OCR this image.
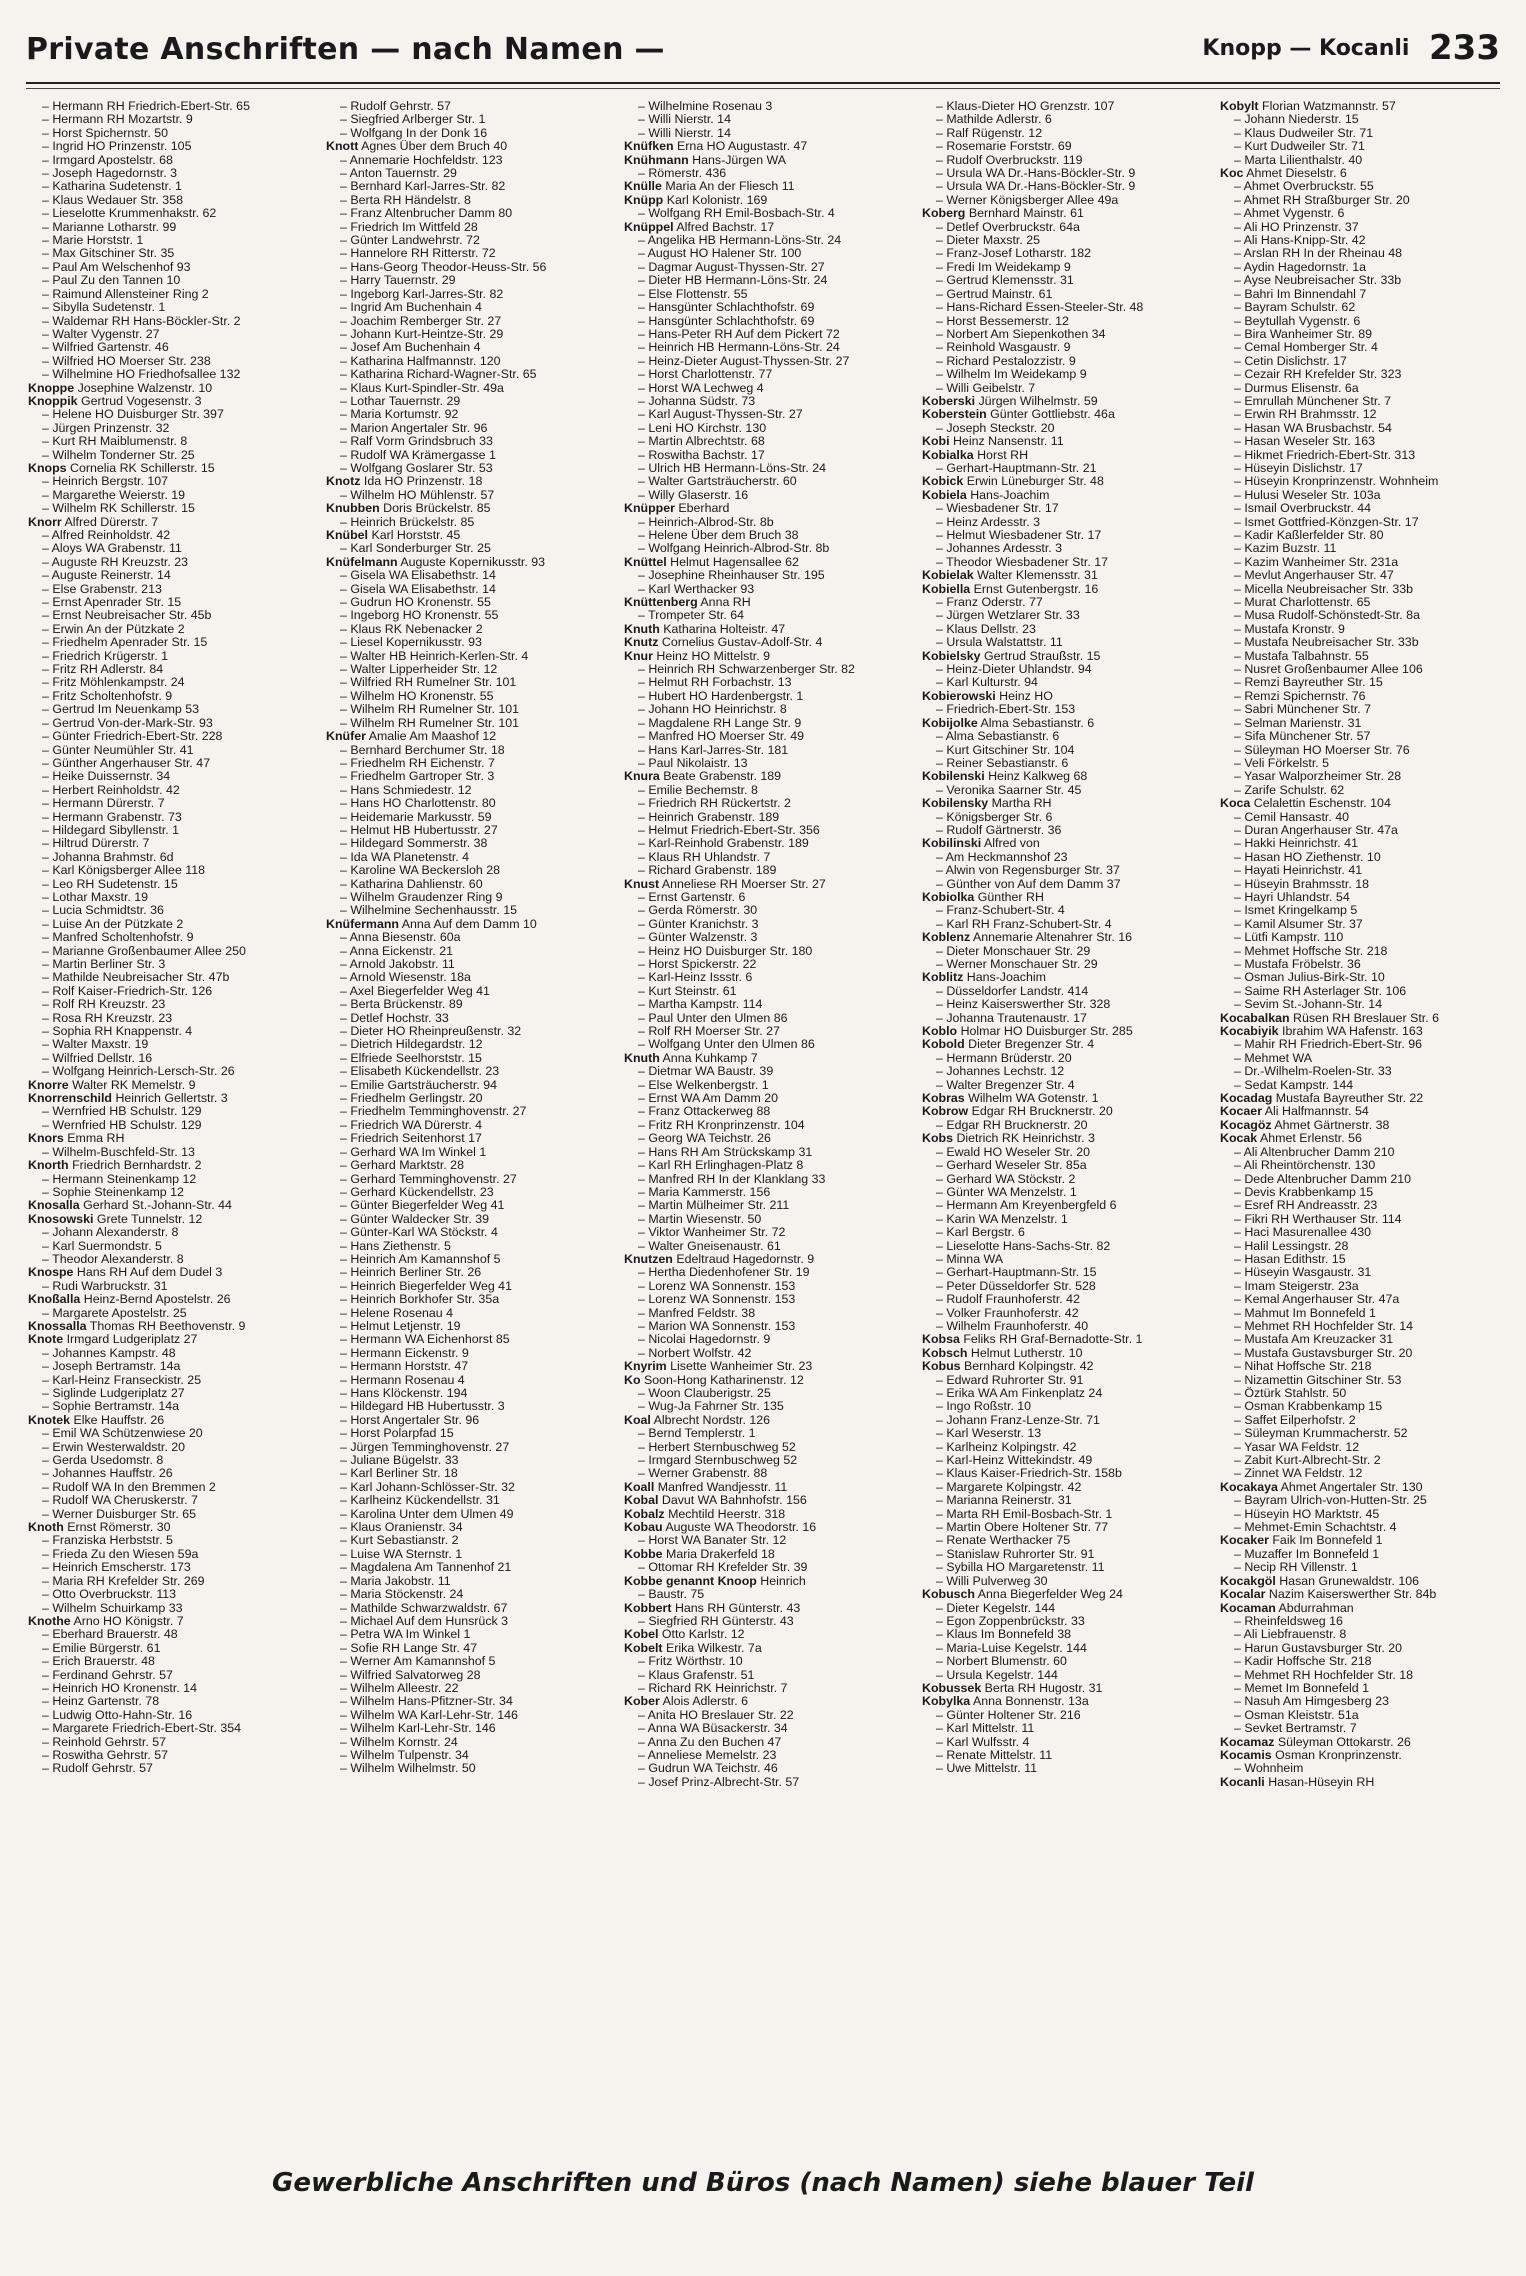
Private Anschriften — nach Namen —	Knopp — Kocanli 233
– Hermann RH Friedrich-Ebert-Str. 65
– Hermann RH Mozartstr. 9
– Horst Spichernstr. 50
– Ingrid HO Prinzenstr. 105
– Irmgard Apostelstr. 68
– Joseph Hagedornstr. 3
– Katharina Sudetenstr. 1
– Klaus Wedauer Str. 358
– Lieselotte Krummenhakstr. 62
– Marianne Lotharstr. 99
– Marie Horststr. 1
– Max Gitschiner Str. 35
– Paul Am Welschenhof 93
– Paul Zu den Tannen 10
– Raimund Allensteiner Ring 2
– Sibylla Sudetenstr. 1
– Waldemar RH Hans-Böckler-Str. 2
– Walter Vygenstr. 27
– Wilfried Gartenstr. 46
– Wilfried HO Moerser Str. 238
– Wilhelmine HO Friedhofsallee 132
Knoppe Josephine Walzenstr. 10
Knoppik Gertrud Vogesenstr. 3
– Helene HO Duisburger Str. 397
– Jürgen Prinzenstr. 32
– Kurt RH Maiblumenstr. 8
– Wilhelm Tonderner Str. 25
Knops Cornelia RK Schillerstr. 15
– Heinrich Bergstr. 107
– Margarethe Weierstr. 19
– Wilhelm RK Schillerstr. 15
Knorr Alfred Dürerstr. 7
– Alfred Reinholdstr. 42
– Aloys WA Grabenstr. 11
– Auguste RH Kreuzstr. 23
– Auguste Reinerstr. 14
– Else Grabenstr. 213
– Ernst Apenrader Str. 15
– Ernst Neubreisacher Str. 45b
– Erwin An der Pützkate 2
– Friedhelm Apenrader Str. 15
– Friedrich Krügerstr. 1
– Fritz RH Adlerstr. 84
– Fritz Möhlenkampstr. 24
– Fritz Scholtenhofstr. 9
– Gertrud Im Neuenkamp 53
– Gertrud Von-der-Mark-Str. 93
– Günter Friedrich-Ebert-Str. 228
– Günter Neumühler Str. 41
– Günther Angerhauser Str. 47
– Heike Duissernstr. 34
– Herbert Reinholdstr. 42
– Hermann Dürerstr. 7
– Hermann Grabenstr. 73
– Hildegard Sibyllenstr. 1
– Hiltrud Dürerstr. 7
– Johanna Brahmstr. 6d
– Karl Königsberger Allee 118
– Leo RH Sudetenstr. 15
– Lothar Maxstr. 19
– Lucia Schmidtstr. 36
– Luise An der Pützkate 2
– Manfred Scholtenhofstr. 9
– Marianne Großenbaumer Allee 250
– Martin Berliner Str. 3
– Mathilde Neubreisacher Str. 47b
– Rolf Kaiser-Friedrich-Str. 126
– Rolf RH Kreuzstr. 23
– Rosa RH Kreuzstr. 23
– Sophia RH Knappenstr. 4
– Walter Maxstr. 19
– Wilfried Dellstr. 16
– Wolfgang Heinrich-Lersch-Str. 26
Knorre Walter RK Memelstr. 9
Knorrenschild Heinrich Gellertstr. 3
– Wernfried HB Schulstr. 129
– Wernfried HB Schulstr. 129
Knors Emma RH
– Wilhelm-Buschfeld-Str. 13
Knorth Friedrich Bernhardstr. 2
– Hermann Steinenkamp 12
– Sophie Steinenkamp 12
Knosalla Gerhard St.-Johann-Str. 44
Knosowski Grete Tunnelstr. 12
– Johann Alexanderstr. 8
– Karl Suermondstr. 5
– Theodor Alexanderstr. 8
Knospe Hans RH Auf dem Dudel 3
– Rudi Warbruckstr. 31
Knoßalla Heinz-Bernd Apostelstr. 26
– Margarete Apostelstr. 25
Knossalla Thomas RH Beethovenstr. 9
Knote Irmgard Ludgeriplatz 27
– Johannes Kampstr. 48
– Joseph Bertramstr. 14a
– Karl-Heinz Franseckistr. 25
– Siglinde Ludgeriplatz 27
– Sophie Bertramstr. 14a
Knotek Elke Hauffstr. 26
– Emil WA Schützenwiese 20
– Erwin Westerwaldstr. 20
– Gerda Usedomstr. 8
– Johannes Hauffstr. 26
– Rudolf WA In den Bremmen 2
– Rudolf WA Cheruskerstr. 7
– Werner Duisburger Str. 65
Knoth Ernst Römerstr. 30
– Franziska Herbststr. 5
– Frieda Zu den Wiesen 59a
– Heinrich Emscherstr. 173
– Maria RH Krefelder Str. 269
– Otto Overbruckstr. 113
– Wilhelm Schuirkamp 33
Knothe Arno HO Königstr. 7
– Eberhard Brauerstr. 48
– Emilie Bürgerstr. 61
– Erich Brauerstr. 48
– Ferdinand Gehrstr. 57
– Heinrich HO Kronenstr. 14
– Heinz Gartenstr. 78
– Ludwig Otto-Hahn-Str. 16
– Margarete Friedrich-Ebert-Str. 354
– Reinhold Gehrstr. 57
– Roswitha Gehrstr. 57
– Rudolf Gehrstr. 57
– Rudolf Gehrstr. 57
– Siegfried Arlberger Str. 1
– Wolfgang In der Donk 16
Knott Agnes Über dem Bruch 40
– Annemarie Hochfeldstr. 123
– Anton Tauernstr. 29
– Bernhard Karl-Jarres-Str. 82
– Berta RH Händelstr. 8
– Franz Altenbrucher Damm 80
– Friedrich Im Wittfeld 28
– Günter Landwehrstr. 72
– Hannelore RH Ritterstr. 72
– Hans-Georg Theodor-Heuss-Str. 56
– Harry Tauernstr. 29
– Ingeborg Karl-Jarres-Str. 82
– Ingrid Am Buchenhain 4
– Joachim Remberger Str. 27
– Johann Kurt-Heintze-Str. 29
– Josef Am Buchenhain 4
– Katharina Halfmannstr. 120
– Katharina Richard-Wagner-Str. 65
– Klaus Kurt-Spindler-Str. 49a
– Lothar Tauernstr. 29
– Maria Kortumstr. 92
– Marion Angertaler Str. 96
– Ralf Vorm Grindsbruch 33
– Rudolf WA Krämergasse 1
– Wolfgang Goslarer Str. 53
Knotz Ida HO Prinzenstr. 18
– Wilhelm HO Mühlenstr. 57
Knubben Doris Brückelstr. 85
– Heinrich Brückelstr. 85
Knübel Karl Horststr. 45
– Karl Sonderburger Str. 25
Knüfelmann Auguste Kopernikusstr. 93
– Gisela WA Elisabethstr. 14
– Gisela WA Elisabethstr. 14
– Gudrun HO Kronenstr. 55
– Ingeborg HO Kronenstr. 55
– Klaus RK Nebenacker 2
– Liesel Kopernikusstr. 93
– Walter HB Heinrich-Kerlen-Str. 4
– Walter Lipperheider Str. 12
– Wilfried RH Rumelner Str. 101
– Wilhelm HO Kronenstr. 55
– Wilhelm RH Rumelner Str. 101
– Wilhelm RH Rumelner Str. 101
Knüfer Amalie Am Maashof 12
– Bernhard Berchumer Str. 18
– Friedhelm RH Eichenstr. 7
– Friedhelm Gartroper Str. 3
– Hans Schmiedestr. 12
– Hans HO Charlottenstr. 80
– Heidemarie Markusstr. 59
– Helmut HB Hubertusstr. 27
– Hildegard Sommerstr. 38
– Ida WA Planetenstr. 4
– Karoline WA Beckersloh 28
– Katharina Dahlienstr. 60
– Wilhelm Graudenzer Ring 9
– Wilhelmine Sechenhausstr. 15
Knüfermann Anna Auf dem Damm 10
– Anna Biesenstr. 60a
– Anna Eickenstr. 21
– Arnold Jakobstr. 11
– Arnold Wiesenstr. 18a
– Axel Biegerfelder Weg 41
– Berta Brückenstr. 89
– Detlef Hochstr. 33
– Dieter HO Rheinpreußenstr. 32
– Dietrich Hildegardstr. 12
– Elfriede Seelhorststr. 15
– Elisabeth Kückendellstr. 23
– Emilie Gartsträucherstr. 94
– Friedhelm Gerlingstr. 20
– Friedhelm Temminghovenstr. 27
– Friedrich WA Dürerstr. 4
– Friedrich Seitenhorst 17
– Gerhard WA Im Winkel 1
– Gerhard Marktstr. 28
– Gerhard Temminghovenstr. 27
– Gerhard Kückendellstr. 23
– Günter Biegerfelder Weg 41
– Günter Waldecker Str. 39
– Günter-Karl WA Stöckstr. 4
– Hans Ziethenstr. 5
– Heinrich Am Kamannshof 5
– Heinrich Berliner Str. 26
– Heinrich Biegerfelder Weg 41
– Heinrich Borkhofer Str. 35a
– Helene Rosenau 4
– Helmut Letjenstr. 19
– Hermann WA Eichenhorst 85
– Hermann Eickenstr. 9
– Hermann Horststr. 47
– Hermann Rosenau 4
– Hans Klöckenstr. 194
– Hildegard HB Hubertusstr. 3
– Horst Angertaler Str. 96
– Horst Polarpfad 15
– Jürgen Temminghovenstr. 27
– Juliane Bügelstr. 33
– Karl Berliner Str. 18
– Karl Johann-Schlösser-Str. 32
– Karlheinz Kückendellstr. 31
– Karolina Unter dem Ulmen 49
– Klaus Oranienstr. 34
– Kurt Sebastianstr. 2
– Luise WA Sternstr. 1
– Magdalena Am Tannenhof 21
– Maria Jakobstr. 11
– Maria Stöckenstr. 24
– Mathilde Schwarzwaldstr. 67
– Michael Auf dem Hunsrück 3
– Petra WA Im Winkel 1
– Sofie RH Lange Str. 47
– Werner Am Kamannshof 5
– Wilfried Salvatorweg 28
– Wilhelm Alleestr. 22
– Wilhelm Hans-Pfitzner-Str. 34
– Wilhelm WA Karl-Lehr-Str. 146
– Wilhelm Karl-Lehr-Str. 146
– Wilhelm Kornstr. 24
– Wilhelm Tulpenstr. 34
– Wilhelm Wilhelmstr. 50
– Wilhelmine Rosenau 3
– Willi Nierstr. 14
– Willi Nierstr. 14
Knüfken Erna HO Augustastr. 47
Knühmann Hans-Jürgen WA
– Römerstr. 436
Knülle Maria An der Fliesch 11
Knüpp Karl Kolonistr. 169
– Wolfgang RH Emil-Bosbach-Str. 4
Knüppel Alfred Bachstr. 17
– Angelika HB Hermann-Löns-Str. 24
– August HO Halener Str. 100
– Dagmar August-Thyssen-Str. 27
– Dieter HB Hermann-Löns-Str. 24
– Else Flottenstr. 55
– Hansgünter Schlachthofstr. 69
– Hansgünter Schlachthofstr. 69
– Hans-Peter RH Auf dem Pickert 72
– Heinrich HB Hermann-Löns-Str. 24
– Heinz-Dieter August-Thyssen-Str. 27
– Horst Charlottenstr. 77
– Horst WA Lechweg 4
– Johanna Südstr. 73
– Karl August-Thyssen-Str. 27
– Leni HO Kirchstr. 130
– Martin Albrechtstr. 68
– Roswitha Bachstr. 17
– Ulrich HB Hermann-Löns-Str. 24
– Walter Gartsträucherstr. 60
– Willy Glaserstr. 16
Knüpper Eberhard
– Heinrich-Albrod-Str. 8b
– Helene Über dem Bruch 38
– Wolfgang Heinrich-Albrod-Str. 8b
Knüttel Helmut Hagensallee 62
– Josephine Rheinhauser Str. 195
– Karl Werthacker 93
Knüttenberg Anna RH
– Trompeter Str. 64
Knuth Katharina Holteistr. 47
Knutz Cornelius Gustav-Adolf-Str. 4
Knur Heinz HO Mittelstr. 9
– Heinrich RH Schwarzenberger Str. 82
– Helmut RH Forbachstr. 13
– Hubert HO Hardenbergstr. 1
– Johann HO Heinrichstr. 8
– Magdalene RH Lange Str. 9
– Manfred HO Moerser Str. 49
– Hans Karl-Jarres-Str. 181
– Paul Nikolaistr. 13
Knura Beate Grabenstr. 189
– Emilie Bechemstr. 8
– Friedrich RH Rückertstr. 2
– Heinrich Grabenstr. 189
– Helmut Friedrich-Ebert-Str. 356
– Karl-Reinhold Grabenstr. 189
– Klaus RH Uhlandstr. 7
– Richard Grabenstr. 189
Knust Anneliese RH Moerser Str. 27
– Ernst Gartenstr. 6
– Gerda Römerstr. 30
– Günter Kranichstr. 3
– Günter Walzenstr. 3
– Heinz HO Duisburger Str. 180
– Horst Spickerstr. 22
– Karl-Heinz Issstr. 6
– Kurt Steinstr. 61
– Martha Kampstr. 114
– Paul Unter den Ulmen 86
– Rolf RH Moerser Str. 27
– Wolfgang Unter den Ulmen 86
Knuth Anna Kuhkamp 7
– Dietmar WA Baustr. 39
– Else Welkenbergstr. 1
– Ernst WA Am Damm 20
– Franz Ottackerweg 88
– Fritz RH Kronprinzenstr. 104
– Georg WA Teichstr. 26
– Hans RH Am Strückskamp 31
– Karl RH Erlinghagen-Platz 8
– Manfred RH In der Klanklang 33
– Maria Kammerstr. 156
– Martin Mülheimer Str. 211
– Martin Wiesenstr. 50
– Viktor Wanheimer Str. 72
– Walter Gneisenaustr. 61
Knutzen Edeltraud Hagedornstr. 9
– Hertha Diedenhofener Str. 19
– Lorenz WA Sonnenstr. 153
– Lorenz WA Sonnenstr. 153
– Manfred Feldstr. 38
– Marion WA Sonnenstr. 153
– Nicolai Hagedornstr. 9
– Norbert Wolfstr. 42
Knyrim Lisette Wanheimer Str. 23
Ko Soon-Hong Katharinenstr. 12
– Woon Clauberigstr. 25
– Wug-Ja Fahrner Str. 135
Koal Albrecht Nordstr. 126
– Bernd Templerstr. 1
– Herbert Sternbuschweg 52
– Irmgard Sternbuschweg 52
– Werner Grabenstr. 88
Koall Manfred Wandjesstr. 11
Kobal Davut WA Bahnhofstr. 156
Kobalz Mechtild Heerstr. 318
Kobau Auguste WA Theodorstr. 16
– Horst WA Banater Str. 12
Kobbe Maria Drakerfeld 18
– Ottomar RH Krefelder Str. 39
Kobbe genannt Knoop Heinrich
– Baustr. 75
Kobbert Hans RH Günterstr. 43
– Siegfried RH Günterstr. 43
Kobel Otto Karlstr. 12
Kobelt Erika Wilkestr. 7a
– Fritz Wörthstr. 10
– Klaus Grafenstr. 51
– Richard RK Heinrichstr. 7
Kober Alois Adlerstr. 6
– Anita HO Breslauer Str. 22
– Anna WA Büsackerstr. 34
– Anna Zu den Buchen 47
– Anneliese Memelstr. 23
– Gudrun WA Teichstr. 46
– Josef Prinz-Albrecht-Str. 57
– Klaus-Dieter HO Grenzstr. 107
– Mathilde Adlerstr. 6
– Ralf Rügenstr. 12
– Rosemarie Forststr. 69
– Rudolf Overbruckstr. 119
– Ursula WA Dr.-Hans-Böckler-Str. 9
– Ursula WA Dr.-Hans-Böckler-Str. 9
– Werner Königsberger Allee 49a
Koberg Bernhard Mainstr. 61
– Detlef Overbruckstr. 64a
– Dieter Maxstr. 25
– Franz-Josef Lotharstr. 182
– Fredi Im Weidekamp 9
– Gertrud Klemensstr. 31
– Gertrud Mainstr. 61
– Hans-Richard Essen-Steeler-Str. 48
– Horst Bessemerstr. 12
– Norbert Am Siepenkothen 34
– Reinhold Wasgaustr. 9
– Richard Pestalozzistr. 9
– Wilhelm Im Weidekamp 9
– Willi Geibelstr. 7
Koberski Jürgen Wilhelmstr. 59
Koberstein Günter Gottliebstr. 46a
– Joseph Steckstr. 20
Kobi Heinz Nansenstr. 11
Kobialka Horst RH
– Gerhart-Hauptmann-Str. 21
Kobick Erwin Lüneburger Str. 48
Kobiela Hans-Joachim
– Wiesbadener Str. 17
– Heinz Ardesstr. 3
– Helmut Wiesbadener Str. 17
– Johannes Ardesstr. 3
– Theodor Wiesbadener Str. 17
Kobielak Walter Klemensstr. 31
Kobiella Ernst Gutenbergstr. 16
– Franz Oderstr. 77
– Jürgen Wetzlarer Str. 33
– Klaus Dellstr. 23
– Ursula Walstattstr. 11
Kobielsky Gertrud Straußstr. 15
– Heinz-Dieter Uhlandstr. 94
– Karl Kulturstr. 94
Kobierowski Heinz HO
– Friedrich-Ebert-Str. 153
Kobijolke Alma Sebastianstr. 6
– Alma Sebastianstr. 6
– Kurt Gitschiner Str. 104
– Reiner Sebastianstr. 6
Kobilenski Heinz Kalkweg 68
– Veronika Saarner Str. 45
Kobilensky Martha RH
– Königsberger Str. 6
– Rudolf Gärtnerstr. 36
Kobilinski Alfred von
– Am Heckmannshof 23
– Alwin von Regensburger Str. 37
– Günther von Auf dem Damm 37
Kobiolka Günther RH
– Franz-Schubert-Str. 4
– Karl RH Franz-Schubert-Str. 4
Koblenz Annemarie Altenahrer Str. 16
– Dieter Monschauer Str. 29
– Werner Monschauer Str. 29
Koblitz Hans-Joachim
– Düsseldorfer Landstr. 414
– Heinz Kaiserswerther Str. 328
– Johanna Trautenaustr. 17
Koblo Holmar HO Duisburger Str. 285
Kobold Dieter Bregenzer Str. 4
– Hermann Brüderstr. 20
– Johannes Lechstr. 12
– Walter Bregenzer Str. 4
Kobras Wilhelm WA Gotenstr. 1
Kobrow Edgar RH Brucknerstr. 20
– Edgar RH Brucknerstr. 20
Kobs Dietrich RK Heinrichstr. 3
– Ewald HO Weseler Str. 20
– Gerhard Weseler Str. 85a
– Gerhard WA Stöckstr. 2
– Günter WA Menzelstr. 1
– Hermann Am Kreyenbergfeld 6
– Karin WA Menzelstr. 1
– Karl Bergstr. 6
– Lieselotte Hans-Sachs-Str. 82
– Minna WA
– Gerhart-Hauptmann-Str. 15
– Peter Düsseldorfer Str. 528
– Rudolf Fraunhoferstr. 42
– Volker Fraunhoferstr. 42
– Wilhelm Fraunhoferstr. 40
Kobsa Feliks RH Graf-Bernadotte-Str. 1
Kobsch Helmut Lutherstr. 10
Kobus Bernhard Kolpingstr. 42
– Edward Ruhrorter Str. 91
– Erika WA Am Finkenplatz 24
– Ingo Roßstr. 10
– Johann Franz-Lenze-Str. 71
– Karl Weserstr. 13
– Karlheinz Kolpingstr. 42
– Karl-Heinz Wittekindstr. 49
– Klaus Kaiser-Friedrich-Str. 158b
– Margarete Kolpingstr. 42
– Marianna Reinerstr. 31
– Marta RH Emil-Bosbach-Str. 1
– Martin Obere Holtener Str. 77
– Renate Werthacker 75
– Stanislaw Ruhrorter Str. 91
– Sybilla HO Margaretenstr. 11
– Willi Pulverweg 30
Kobusch Anna Biegerfelder Weg 24
– Dieter Kegelstr. 144
– Egon Zoppenbrückstr. 33
– Klaus Im Bonnefeld 38
– Maria-Luise Kegelstr. 144
– Norbert Blumenstr. 60
– Ursula Kegelstr. 144
Kobussek Berta RH Hugostr. 31
Kobylka Anna Bonnenstr. 13a
– Günter Holtener Str. 216
– Karl Mittelstr. 11
– Karl Wulfsstr. 4
– Renate Mittelstr. 11
– Uwe Mittelstr. 11
Kobylt Florian Watzmannstr. 57
– Johann Niederstr. 15
– Klaus Dudweiler Str. 71
– Kurt Dudweiler Str. 71
– Marta Lilienthalstr. 40
Koc Ahmet Dieselstr. 6
– Ahmet Overbruckstr. 55
– Ahmet RH Straßburger Str. 20
– Ahmet Vygenstr. 6
– Ali HO Prinzenstr. 37
– Ali Hans-Knipp-Str. 42
– Arslan RH In der Rheinau 48
– Aydin Hagedornstr. 1a
– Ayse Neubreisacher Str. 33b
– Bahri Im Binnendahl 7
– Bayram Schulstr. 62
– Beytullah Vygenstr. 6
– Bira Wanheimer Str. 89
– Cemal Homberger Str. 4
– Cetin Dislichstr. 17
– Cezair RH Krefelder Str. 323
– Durmus Elisenstr. 6a
– Emrullah Münchener Str. 7
– Erwin RH Brahmsstr. 12
– Hasan WA Brusbachstr. 54
– Hasan Weseler Str. 163
– Hikmet Friedrich-Ebert-Str. 313
– Hüseyin Dislichstr. 17
– Hüseyin Kronprinzenstr. Wohnheim
– Hulusi Weseler Str. 103a
– Ismail Overbruckstr. 44
– Ismet Gottfried-Könzgen-Str. 17
– Kadir Kaßlerfelder Str. 80
– Kazim Buzstr. 11
– Kazim Wanheimer Str. 231a
– Mevlut Angerhauser Str. 47
– Micella Neubreisacher Str. 33b
– Murat Charlottenstr. 65
– Musa Rudolf-Schönstedt-Str. 8a
– Mustafa Kronstr. 9
– Mustafa Neubreisacher Str. 33b
– Mustafa Talbahnstr. 55
– Nusret Großenbaumer Allee 106
– Remzi Bayreuther Str. 15
– Remzi Spichernstr. 76
– Sabri Münchener Str. 7
– Selman Marienstr. 31
– Sifa Münchener Str. 57
– Süleyman HO Moerser Str. 76
– Veli Förkelstr. 5
– Yasar Walporzheimer Str. 28
– Zarife Schulstr. 62
Koca Celalettin Eschenstr. 104
– Cemil Hansastr. 40
– Duran Angerhauser Str. 47a
– Hakki Heinrichstr. 41
– Hasan HO Ziethenstr. 10
– Hayati Heinrichstr. 41
– Hüseyin Brahmsstr. 18
– Hayri Uhlandstr. 54
– Ismet Kringelkamp 5
– Kamil Alsumer Str. 37
– Lütfi Kampstr. 110
– Mehmet Hoffsche Str. 218
– Mustafa Fröbelstr. 36
– Osman Julius-Birk-Str. 10
– Saime RH Asterlager Str. 106
– Sevim St.-Johann-Str. 14
Kocabalkan Rüsen RH Breslauer Str. 6
Kocabiyik Ibrahim WA Hafenstr. 163
– Mahir RH Friedrich-Ebert-Str. 96
– Mehmet WA
– Dr.-Wilhelm-Roelen-Str. 33
– Sedat Kampstr. 144
Kocadag Mustafa Bayreuther Str. 22
Kocaer Ali Halfmannstr. 54
Kocagöz Ahmet Gärtnerstr. 38
Kocak Ahmet Erlenstr. 56
– Ali Altenbrucher Damm 210
– Ali Rheintörchenstr. 130
– Dede Altenbrucher Damm 210
– Devis Krabbenkamp 15
– Esref RH Andreasstr. 23
– Fikri RH Werthauser Str. 114
– Haci Masurenallee 430
– Halil Lessingstr. 28
– Hasan Edithstr. 15
– Hüseyin Wasgaustr. 31
– Imam Steigerstr. 23a
– Kemal Angerhauser Str. 47a
– Mahmut Im Bonnefeld 1
– Mehmet RH Hochfelder Str. 14
– Mustafa Am Kreuzacker 31
– Mustafa Gustavsburger Str. 20
– Nihat Hoffsche Str. 218
– Nizamettin Gitschiner Str. 53
– Öztürk Stahlstr. 50
– Osman Krabbenkamp 15
– Saffet Eilperhofstr. 2
– Süleyman Krummacherstr. 52
– Yasar WA Feldstr. 12
– Zabit Kurt-Albrecht-Str. 2
– Zinnet WA Feldstr. 12
Kocakaya Ahmet Angertaler Str. 130
– Bayram Ulrich-von-Hutten-Str. 25
– Hüseyin HO Marktstr. 45
– Mehmet-Emin Schachtstr. 4
Kocaker Faik Im Bonnefeld 1
– Muzaffer Im Bonnefeld 1
– Necip RH Villenstr. 1
Kocakgöl Hasan Grunewaldstr. 106
Kocalar Nazim Kaiserswerther Str. 84b
Kocaman Abdurrahman
– Rheinfeldsweg 16
– Ali Liebfrauenstr. 8
– Harun Gustavsburger Str. 20
– Kadir Hoffsche Str. 218
– Mehmet RH Hochfelder Str. 18
– Memet Im Bonnefeld 1
– Nasuh Am Himgesberg 23
– Osman Kleiststr. 51a
– Sevket Bertramstr. 7
Kocamaz Süleyman Ottokarstr. 26
Kocamis Osman Kronprinzenstr.
– Wohnheim
Kocanli Hasan-Hüseyin RH
Gewerbliche Anschriften und Büros (nach Namen) siehe blauer Teil
